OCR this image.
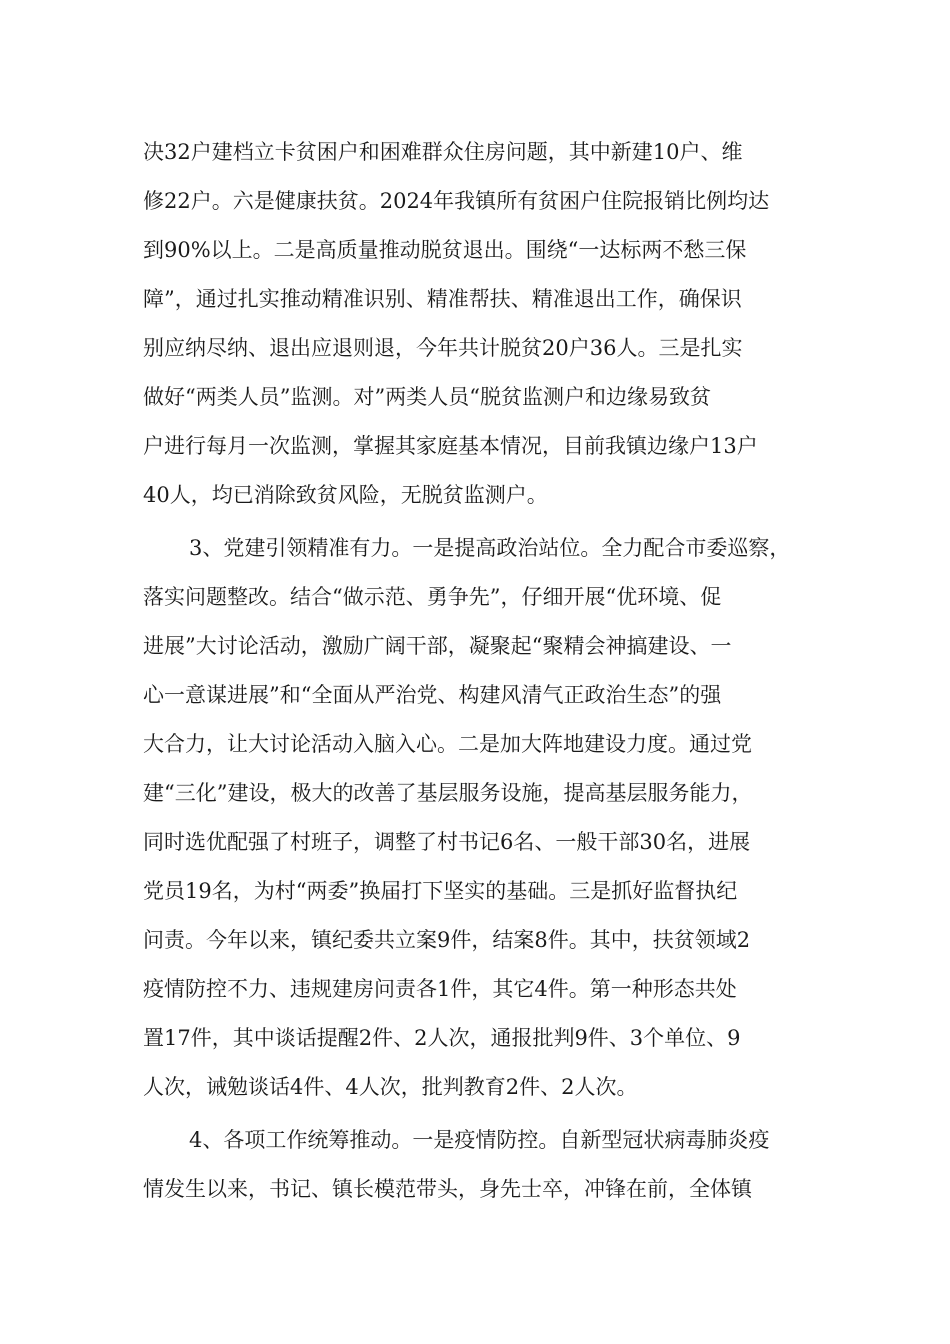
决32户建档立卡贫困户和困难群众住房问题，其中新建10户、维

修22户。六是健康扶贫。2024年我镇所有贫困户住院报销比例均达

到90%以上。二是高质量推动脱贫退出。围绕“一达标两不愁三保

障”，通过扎实推动精准识别、精准帮扶、精准退出工作，确保识

别应纳尽纳、退出应退则退，今年共计脱贫20户36人。三是扎实

做好“两类人员”监测。对”两类人员“脱贫监测户和边缘易致贫

户进行每月一次监测，掌握其家庭基本情况，目前我镇边缘户13户

40人，均已消除致贫风险，无脱贫监测户。

3、党建引领精准有力。一是提高政治站位。全力配合市委巡察，

落实问题整改。结合“做示范、勇争先”，仔细开展“优环境、促

进展”大讨论活动，激励广阔干部，凝聚起“聚精会神搞建设、一

心一意谋进展”和“全面从严治党、构建风清气正政治生态”的强

大合力，让大讨论活动入脑入心。二是加大阵地建设力度。通过党

建“三化”建设，极大的改善了基层服务设施，提高基层服务能力，

同时选优配强了村班子，调整了村书记6名、一般干部30名，进展

党员19名，为村“两委”换届打下坚实的基础。三是抓好监督执纪

问责。今年以来，镇纪委共立案9件，结案8件。其中，扶贫领域2

疫情防控不力、违规建房问责各1件，其它4件。第一种形态共处

置17件，其中谈话提醒2件、2人次，通报批判9件、3个单位、9

人次，诫勉谈话4件、4人次，批判教育2件、2人次。

4、各项工作统筹推动。一是疫情防控。自新型冠状病毒肺炎疫

情发生以来，书记、镇长模范带头，身先士卒，冲锋在前，全体镇
